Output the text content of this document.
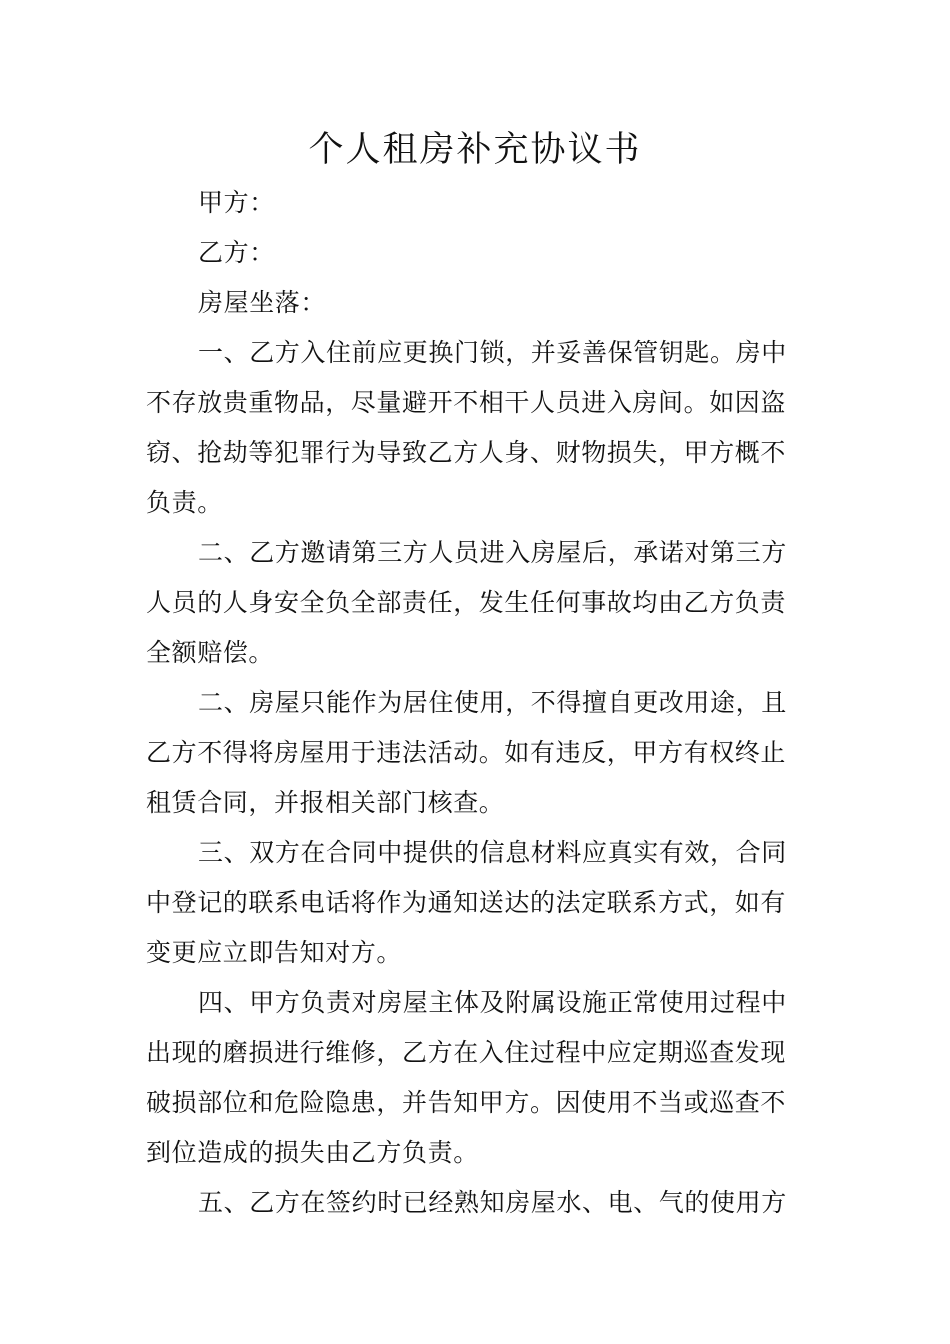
个人租房补充协议书
甲方：
乙方：
房屋坐落：
一、乙方入住前应更换门锁，并妥善保管钥匙。房中
不存放贵重物品，尽量避开不相干人员进入房间。如因盗
窃、抢劫等犯罪行为导致乙方人身、财物损失，甲方概不
负责。
二、乙方邀请第三方人员进入房屋后，承诺对第三方
人员的人身安全负全部责任，发生任何事故均由乙方负责
全额赔偿。
二、房屋只能作为居住使用，不得擅自更改用途，且
乙方不得将房屋用于违法活动。如有违反，甲方有权终止
租赁合同，并报相关部门核查。
三、双方在合同中提供的信息材料应真实有效，合同
中登记的联系电话将作为通知送达的法定联系方式，如有
变更应立即告知对方。
四、甲方负责对房屋主体及附属设施正常使用过程中
出现的磨损进行维修，乙方在入住过程中应定期巡查发现
破损部位和危险隐患，并告知甲方。因使用不当或巡查不
到位造成的损失由乙方负责。
五、乙方在签约时已经熟知房屋水、电、气的使用方
